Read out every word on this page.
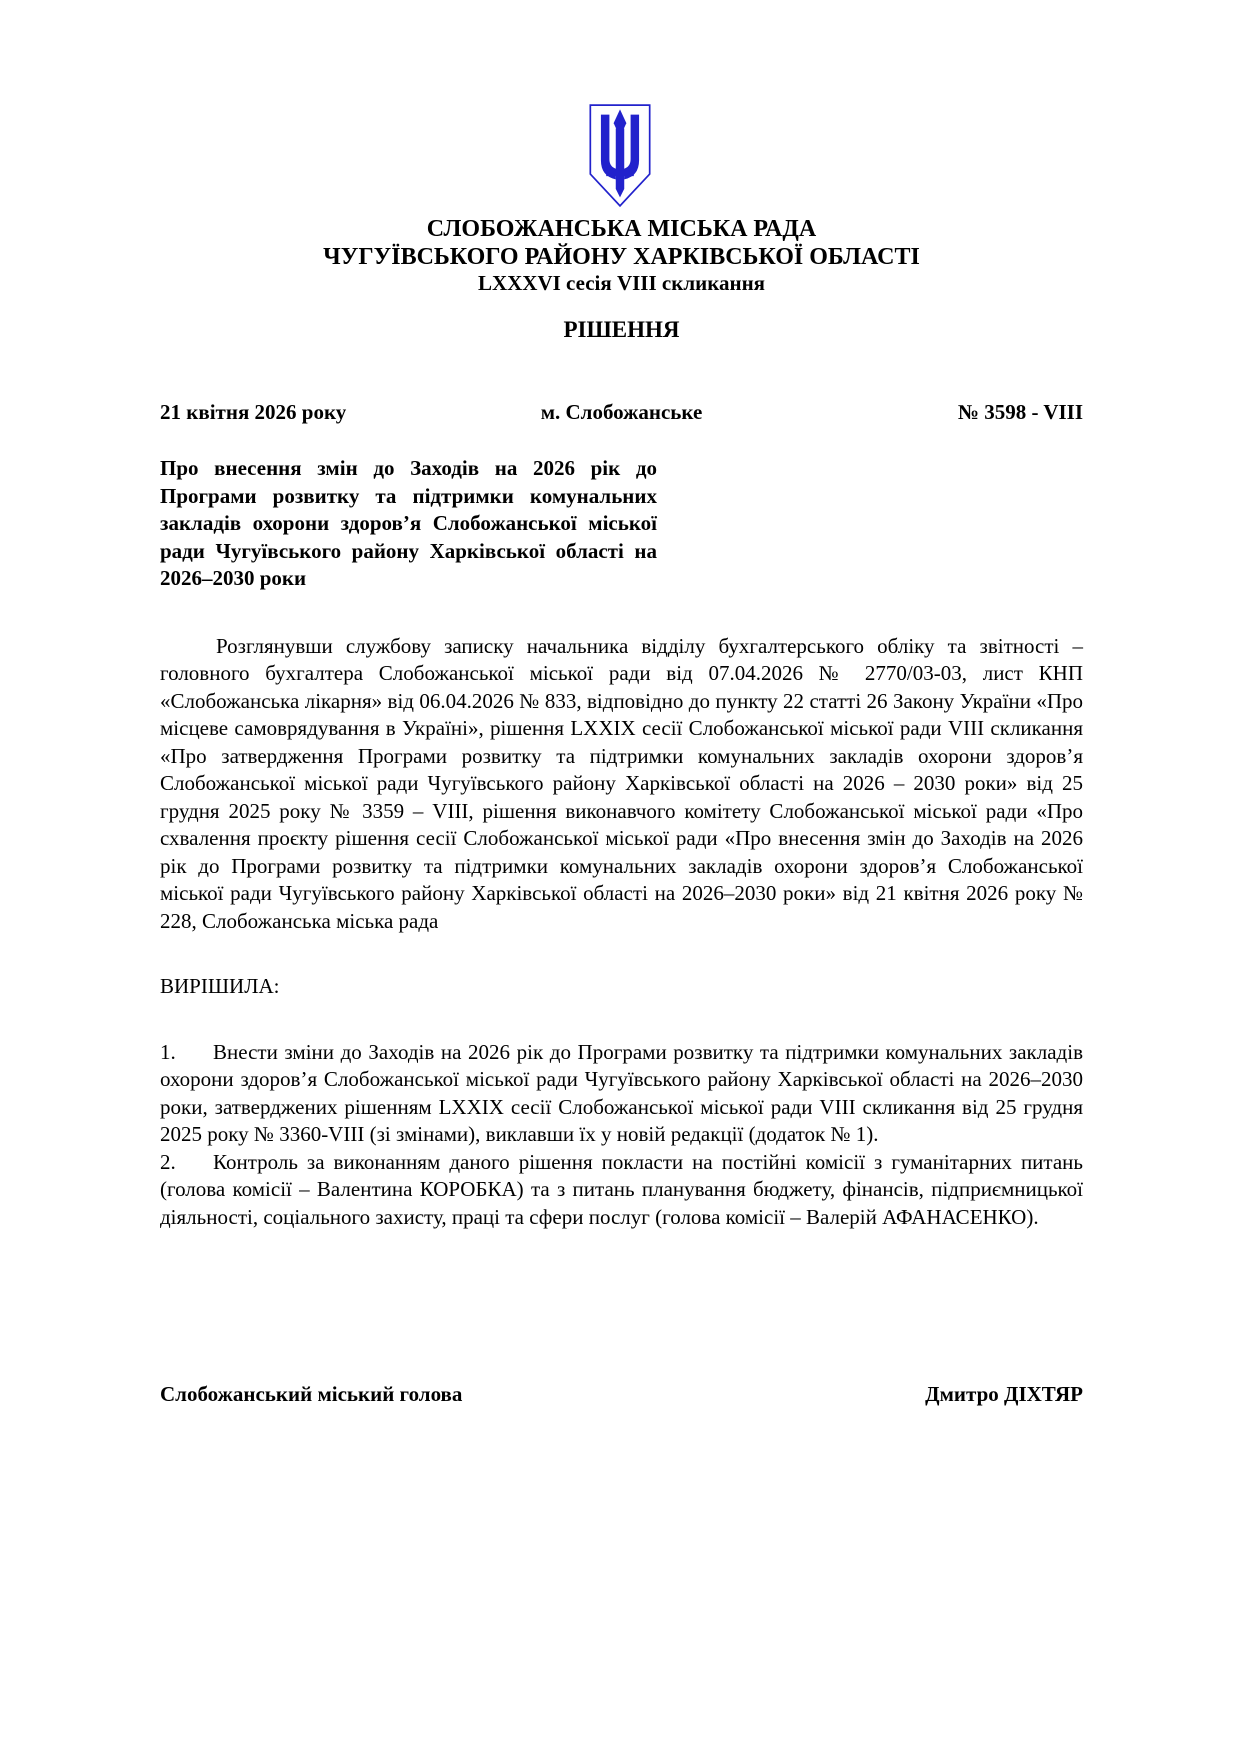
СЛОБОЖАНСЬКА МІСЬКА РАДА
ЧУГУЇВСЬКОГО РАЙОНУ ХАРКІВСЬКОЇ ОБЛАСТІ
LXXXVI сесія VIII скликання
РІШЕННЯ
21 квітня 2026 року	м. Слобожанське	№ 3598 - VIII
Про внесення змін до Заходів на 2026 рік до Програми розвитку та підтримки комунальних закладів охорони здоров’я Слобожанської міської ради Чугуївського району Харківської області на 2026–2030 роки
Розглянувши службову записку начальника відділу бухгалтерського обліку та звітності – головного бухгалтера Слобожанської міської ради від 07.04.2026 № 2770/03-03, лист КНП «Слобожанська лікарня» від 06.04.2026 № 833, відповідно до пункту 22 статті 26 Закону України «Про місцеве самоврядування в Україні», рішення LXXIX сесії Слобожанської міської ради VIII скликання «Про затвердження Програми розвитку та підтримки комунальних закладів охорони здоров’я Слобожанської міської ради Чугуївського району Харківської області на 2026 – 2030 роки» від 25 грудня 2025 року № 3359 – VIII, рішення виконавчого комітету Слобожанської міської ради «Про схвалення проєкту рішення сесії Слобожанської міської ради «Про внесення змін до Заходів на 2026 рік до Програми розвитку та підтримки комунальних закладів охорони здоров’я Слобожанської міської ради Чугуївського району Харківської області на 2026–2030 роки» від 21 квітня 2026 року № 228, Слобожанська міська рада
ВИРІШИЛА:

1. Внести зміни до Заходів на 2026 рік до Програми розвитку та підтримки комунальних закладів охорони здоров’я Слобожанської міської ради Чугуївського району Харківської області на 2026–2030 роки, затверджених рішенням LXXIX сесії Слобожанської міської ради VIII скликання від 25 грудня 2025 року № 3360-VIII (зі змінами), виклавши їх у новій редакції (додаток № 1).

2. Контроль за виконанням даного рішення покласти на постійні комісії з гуманітарних питань (голова комісії – Валентина КОРОБКА) та з питань планування бюджету, фінансів, підприємницької діяльності, соціального захисту, праці та сфери послуг (голова комісії – Валерій АФАНАСЕНКО).

Слобожанський міський голова	Дмитро ДІХТЯР
